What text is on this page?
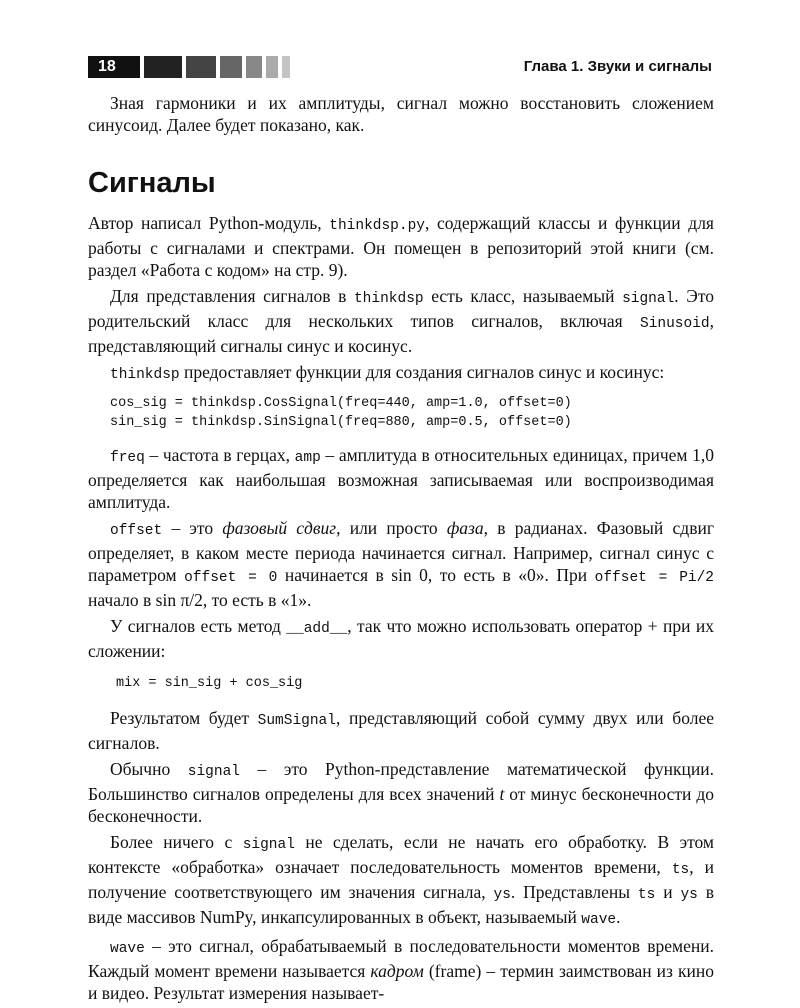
18	Глава 1. Звуки и сигналы

Зная гармоники и их амплитуды, сигнал можно восстановить сложением синусоид. Далее будет показано, как.

Сигналы

Автор написал Python-модуль, thinkdsp.py, содержащий классы и функции для работы с сигналами и спектрами. Он помещен в репозиторий этой книги (см. раздел «Работа с кодом» на стр. 9).

Для представления сигналов в thinkdsp есть класс, называемый signal. Это родительский класс для нескольких типов сигналов, включая Sinusoid, представляющий сигналы синус и косинус.

thinkdsp предоставляет функции для создания сигналов синус и косинус:

cos_sig = thinkdsp.CosSignal(freq=440, amp=1.0, offset=0)
sin_sig = thinkdsp.SinSignal(freq=880, amp=0.5, offset=0)

freq – частота в герцах, amp – амплитуда в относительных единицах, причем 1,0 определяется как наибольшая возможная записываемая или воспроизводимая амплитуда.

offset – это фазовый сдвиг, или просто фаза, в радианах. Фазовый сдвиг определяет, в каком месте периода начинается сигнал. Например, сигнал синус с параметром offset = 0 начинается в sin 0, то есть в «0». При offset = Pi/2 начало в sin π/2, то есть в «1».

У сигналов есть метод __add__, так что можно использовать оператор + при их сложении:

mix = sin_sig + cos_sig

Результатом будет SumSignal, представляющий собой сумму двух или более сигналов.

Обычно signal – это Python-представление математической функции. Большинство сигналов определены для всех значений t от минус бесконечности до бесконечности.

Более ничего с signal не сделать, если не начать его обработку. В этом контексте «обработка» означает последовательность моментов времени, ts, и получение соответствующего им значения сигнала, ys. Представлены ts и ys в виде массивов NumPy, инкапсулированных в объект, называемый wave.

wave – это сигнал, обрабатываемый в последовательности моментов времени. Каждый момент времени называется кадром (frame) – термин заимствован из кино и видео. Результат измерения называет-
